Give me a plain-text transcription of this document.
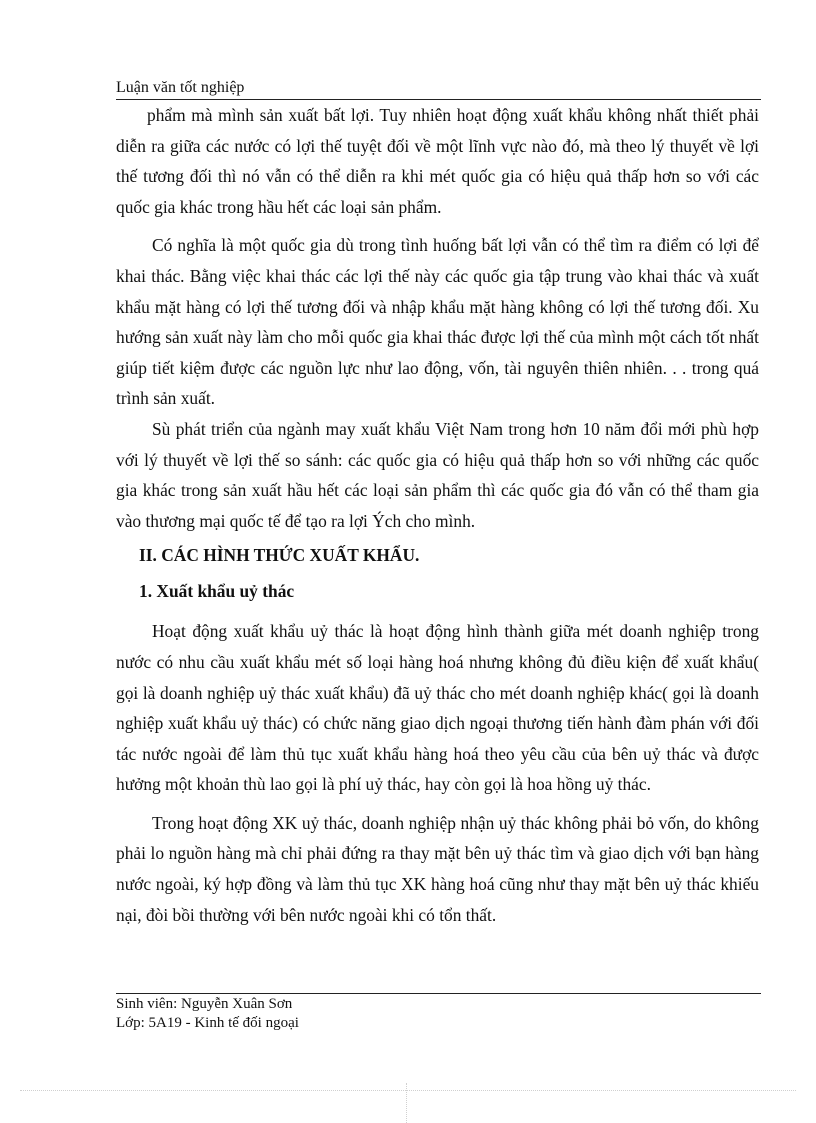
Luận văn tốt nghiệp

phẩm mà mình sản xuất bất lợi. Tuy nhiên hoạt động xuất khẩu không nhất thiết phải diễn ra giữa các nước có lợi thế tuyệt đối về một lĩnh vực nào đó, mà theo lý thuyết về lợi thế tương đối thì nó vẫn có thể diễn ra khi mét quốc gia có hiệu quả thấp hơn so với các quốc gia khác trong hầu hết các loại sản phẩm.

Có nghĩa là một quốc gia dù trong tình huống bất lợi vẫn có thể tìm ra điểm có lợi để khai thác. Bằng việc khai thác các lợi thế này các quốc gia tập trung vào khai thác và xuất khẩu mặt hàng có lợi thế tương đối và nhập khẩu mặt hàng không có lợi thế tương đối. Xu hướng sản xuất này làm cho mỗi quốc gia khai thác được lợi thế của mình một cách tốt nhất giúp tiết kiệm được các nguồn lực như lao động, vốn, tài nguyên thiên nhiên. . . trong quá trình sản xuất.

Sù phát triển của ngành may xuất khẩu Việt Nam trong hơn 10 năm đổi mới phù hợp với lý thuyết về lợi thế so sánh: các quốc gia có hiệu quả thấp hơn so với những các quốc gia khác trong sản xuất hầu hết các loại sản phẩm thì các quốc gia đó vẫn có thể tham gia vào thương mại quốc tế để tạo ra lợi Ých cho mình.

II. CÁC HÌNH THỨC XUẤT KHẨU.
1. Xuất khẩu uỷ thác

Hoạt động xuất khẩu uỷ thác là hoạt động hình thành giữa mét doanh nghiệp trong nước có nhu cầu xuất khẩu mét số loại hàng hoá nhưng không đủ điều kiện để xuất khẩu( gọi là doanh nghiệp uỷ thác xuất khẩu) đã uỷ thác cho mét doanh nghiệp khác( gọi là doanh nghiệp xuất khẩu uỷ thác) có chức năng giao dịch ngoại thương tiến hành đàm phán với đối tác nước ngoài để làm thủ tục xuất khẩu hàng hoá theo yêu cầu của bên uỷ thác và được hưởng một khoản thù lao gọi là phí uỷ thác, hay còn gọi là hoa hồng uỷ thác.

Trong hoạt động XK uỷ thác, doanh nghiệp nhận uỷ thác không phải bỏ vốn, do không phải lo nguồn hàng mà chỉ phải đứng ra thay mặt bên uỷ thác tìm và giao dịch với bạn hàng nước ngoài, ký hợp đồng và làm thủ tục XK hàng hoá cũng như thay mặt bên uỷ thác khiếu nại, đòi bồi thường với bên nước ngoài khi có tổn thất.

Sinh viên: Nguyễn Xuân Sơn
Lớp: 5A19 - Kinh tế đối ngoại
